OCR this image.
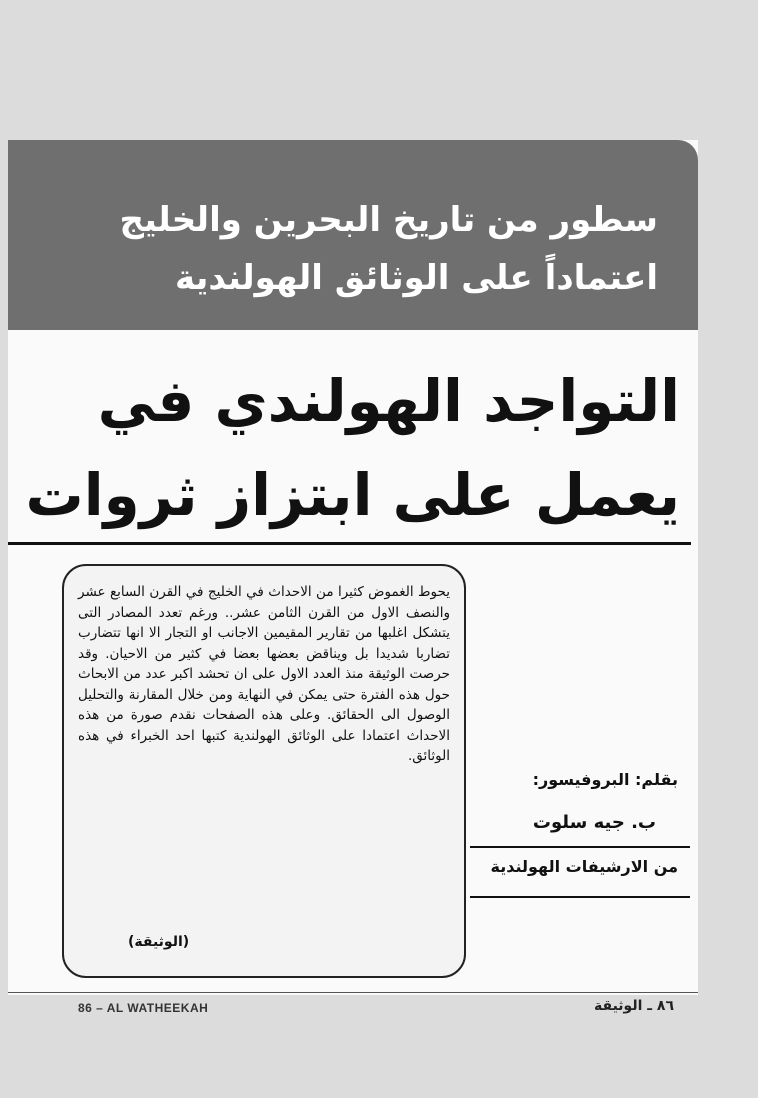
سطور من تاريخ البحرين والخليج
اعتماداً على الوثائق الهولندية
التواجد الهولندي في
يعمل على ابتزاز ثروات
يحوط الغموض كثيرا من الاحداث في الخليج في القرن السابع عشر والنصف الاول من القرن الثامن عشر.. ورغم تعدد المصادر التى يتشكل اغلبها من تقارير المقيمين الاجانب او التجار الا انها تتضارب تضاربا شديدا بل ويناقض بعضها بعضا في كثير من الاحيان. وقد حرصت الوثيقة منذ العدد الاول على ان تحشد اكبر عدد من الابحاث حول هذه الفترة حتى يمكن في النهاية ومن خلال المقارنة والتحليل الوصول الى الحقائق. وعلى هذه الصفحات نقدم صورة من هذه الاحداث اعتمادا على الوثائق الهولندية كتبها احد الخبراء في هذه الوثائق.
(الوثيقة)
بقلم: البروفيسور:
ب. جيه سلوت
من الارشيفات الهولندية
86 – AL WATHEEKAH	٨٦ ـ الوثيقة
